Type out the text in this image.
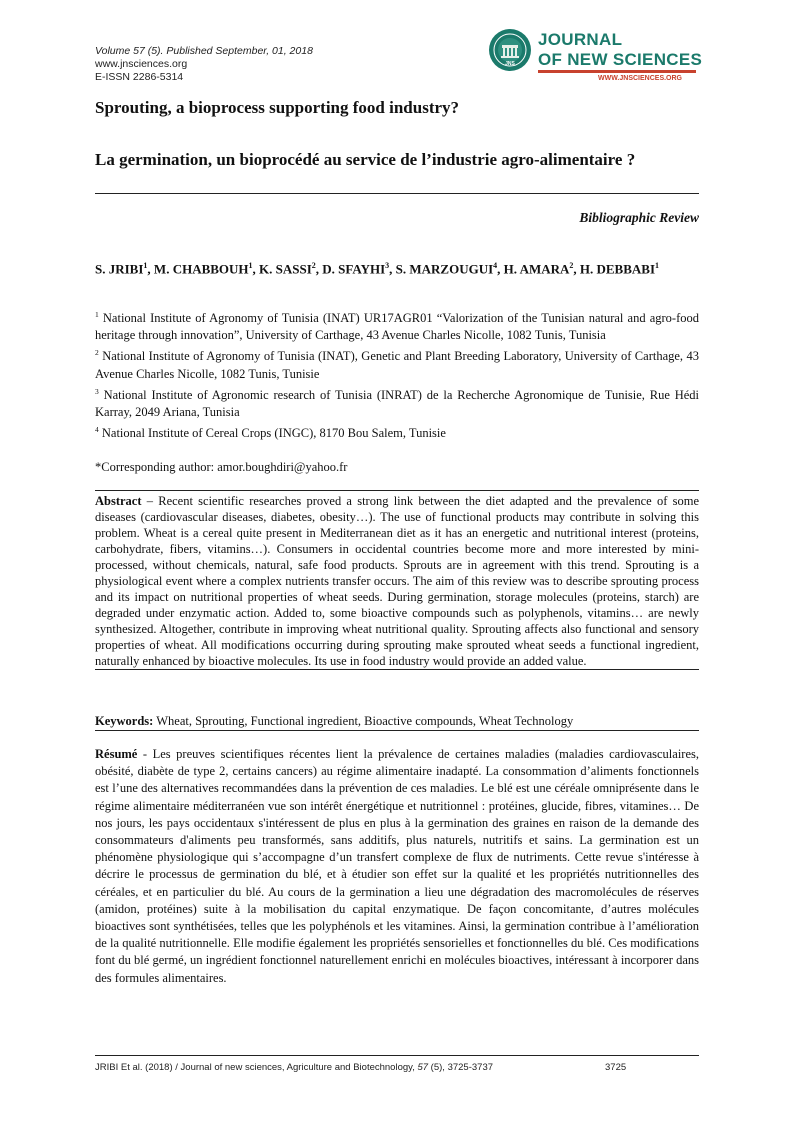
Volume 57 (5). Published September, 01, 2018
www.jnsciences.org
E-ISSN 2286-5314
JNS
JOURNAL
OF NEW SCIENCES
WWW.JNSCIENCES.ORG
Sprouting, a bioprocess supporting food industry?
La germination, un bioprocédé au service de l’industrie agro-alimentaire ?
Bibliographic Review
S. JRIBI$^1$, M. CHABBOUH$^1$, K. SASSI$^2$, D. SFAYHI$^3$, S. MARZOUGUI$^4$, H. AMARA$^2$, H. DEBBABI$^1$

$^1$ National Institute of Agronomy of Tunisia (INAT) UR17AGR01 “Valorization of the Tunisian natural and agro-food heritage through innovation”, University of Carthage, 43 Avenue Charles Nicolle, 1082 Tunis, Tunisia

$^2$ National Institute of Agronomy of Tunisia (INAT), Genetic and Plant Breeding Laboratory, University of Carthage, 43 Avenue Charles Nicolle, 1082 Tunis, Tunisie

$^3$ National Institute of Agronomic research of Tunisia (INRAT) de la Recherche Agronomique de Tunisie, Rue Hédi Karray, 2049 Ariana, Tunisia

$^4$ National Institute of Cereal Crops (INGC), 8170 Bou Salem, Tunisie

*Corresponding author: amor.boughdiri@yahoo.fr

Abstract – Recent scientific researches proved a strong link between the diet adapted and the prevalence of some diseases (cardiovascular diseases, diabetes, obesity…). The use of functional products may contribute in solving this problem. Wheat is a cereal quite present in Mediterranean diet as it has an energetic and nutritional interest (proteins, carbohydrate, fibers, vitamins…). Consumers in occidental countries become more and more interested by mini-processed, without chemicals, natural, safe food products. Sprouts are in agreement with this trend. Sprouting is a physiological event where a complex nutrients transfer occurs. The aim of this review was to describe sprouting process and its impact on nutritional properties of wheat seeds. During germination, storage molecules (proteins, starch) are degraded under enzymatic action. Added to, some bioactive compounds such as polyphenols, vitamins… are newly synthesized. Altogether, contribute in improving wheat nutritional quality. Sprouting affects also functional and sensory properties of wheat. All modifications occurring during sprouting make sprouted wheat seeds a functional ingredient, naturally enhanced by bioactive molecules. Its use in food industry would provide an added value.

Keywords: Wheat, Sprouting, Functional ingredient, Bioactive compounds, Wheat Technology

Résumé - Les preuves scientifiques récentes lient la prévalence de certaines maladies (maladies cardiovasculaires, obésité, diabète de type 2, certains cancers) au régime alimentaire inadapté. La consommation d’aliments fonctionnels est l’une des alternatives recommandées dans la prévention de ces maladies. Le blé est une céréale omniprésente dans le régime alimentaire méditerranéen vue son intérêt énergétique et nutritionnel : protéines, glucide, fibres, vitamines… De nos jours, les pays occidentaux s'intéressent de plus en plus à la germination des graines en raison de la demande des consommateurs d'aliments peu transformés, sans additifs, plus naturels, nutritifs et sains. La germination est un phénomène physiologique qui s’accompagne d’un transfert complexe de flux de nutriments. Cette revue s'intéresse à décrire le processus de germination du blé, et à étudier son effet sur la qualité et les propriétés nutritionnelles des céréales, et en particulier du blé. Au cours de la germination a lieu une dégradation des macromolécules de réserves (amidon, protéines) suite à la mobilisation du capital enzymatique. De façon concomitante, d’autres molécules bioactives sont synthétisées, telles que les polyphénols et les vitamines. Ainsi, la germination contribue à l’amélioration de la qualité nutritionnelle. Elle modifie également les propriétés sensorielles et fonctionnelles du blé. Ces modifications font du blé germé, un ingrédient fonctionnel naturellement enrichi en molécules bioactives, intéressant à incorporer dans des formules alimentaires.

JRIBI Et al. (2018) / Journal of new sciences, Agriculture and Biotechnology, 57 (5), 3725-3737	3725
